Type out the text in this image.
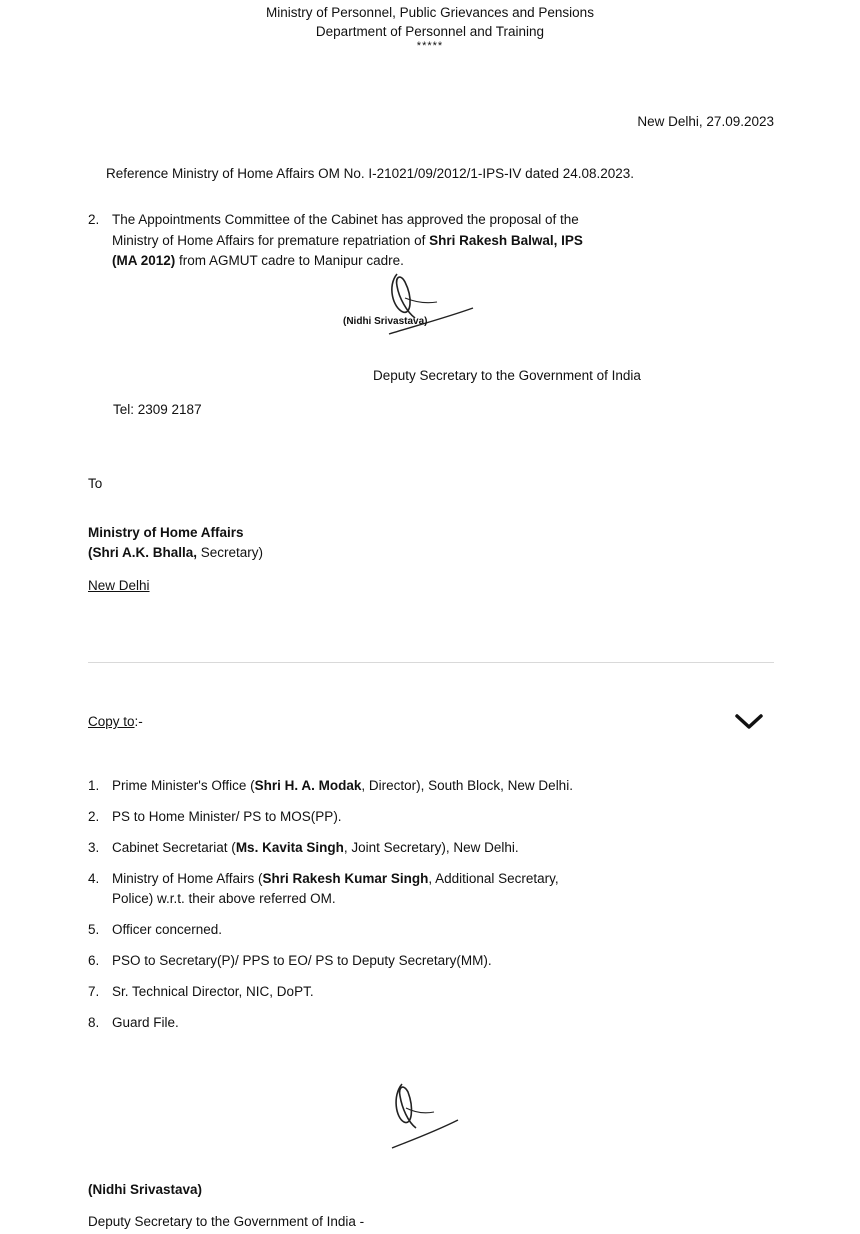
Ministry of Personnel, Public Grievances and Pensions
Department of Personnel and Training
*****
New Delhi, 27.09.2023
Reference Ministry of Home Affairs OM No. I-21021/09/2012/1-IPS-IV dated 24.08.2023.
2. The Appointments Committee of the Cabinet has approved the proposal of the
Ministry of Home Affairs for premature repatriation of Shri Rakesh Balwal, IPS
(MA 2012) from AGMUT cadre to Manipur cadre.
(Nidhi Srivastava)
Deputy Secretary to the Government of India
Tel: 2309 2187
To
Ministry of Home Affairs
(Shri A.K. Bhalla, Secretary)
New Delhi
Copy to:-
1. Prime Minister's Office (Shri H. A. Modak, Director), South Block, New Delhi.
2. PS to Home Minister/ PS to MOS(PP).
3. Cabinet Secretariat (Ms. Kavita Singh, Joint Secretary), New Delhi.
4. Ministry of Home Affairs (Shri Rakesh Kumar Singh, Additional Secretary,
Police) w.r.t. their above referred OM.
5. Officer concerned.
6. PSO to Secretary(P)/ PPS to EO/ PS to Deputy Secretary(MM).
7. Sr. Technical Director, NIC, DoPT.
8. Guard File.
(Nidhi Srivastava)
Deputy Secretary to the Government of India -
